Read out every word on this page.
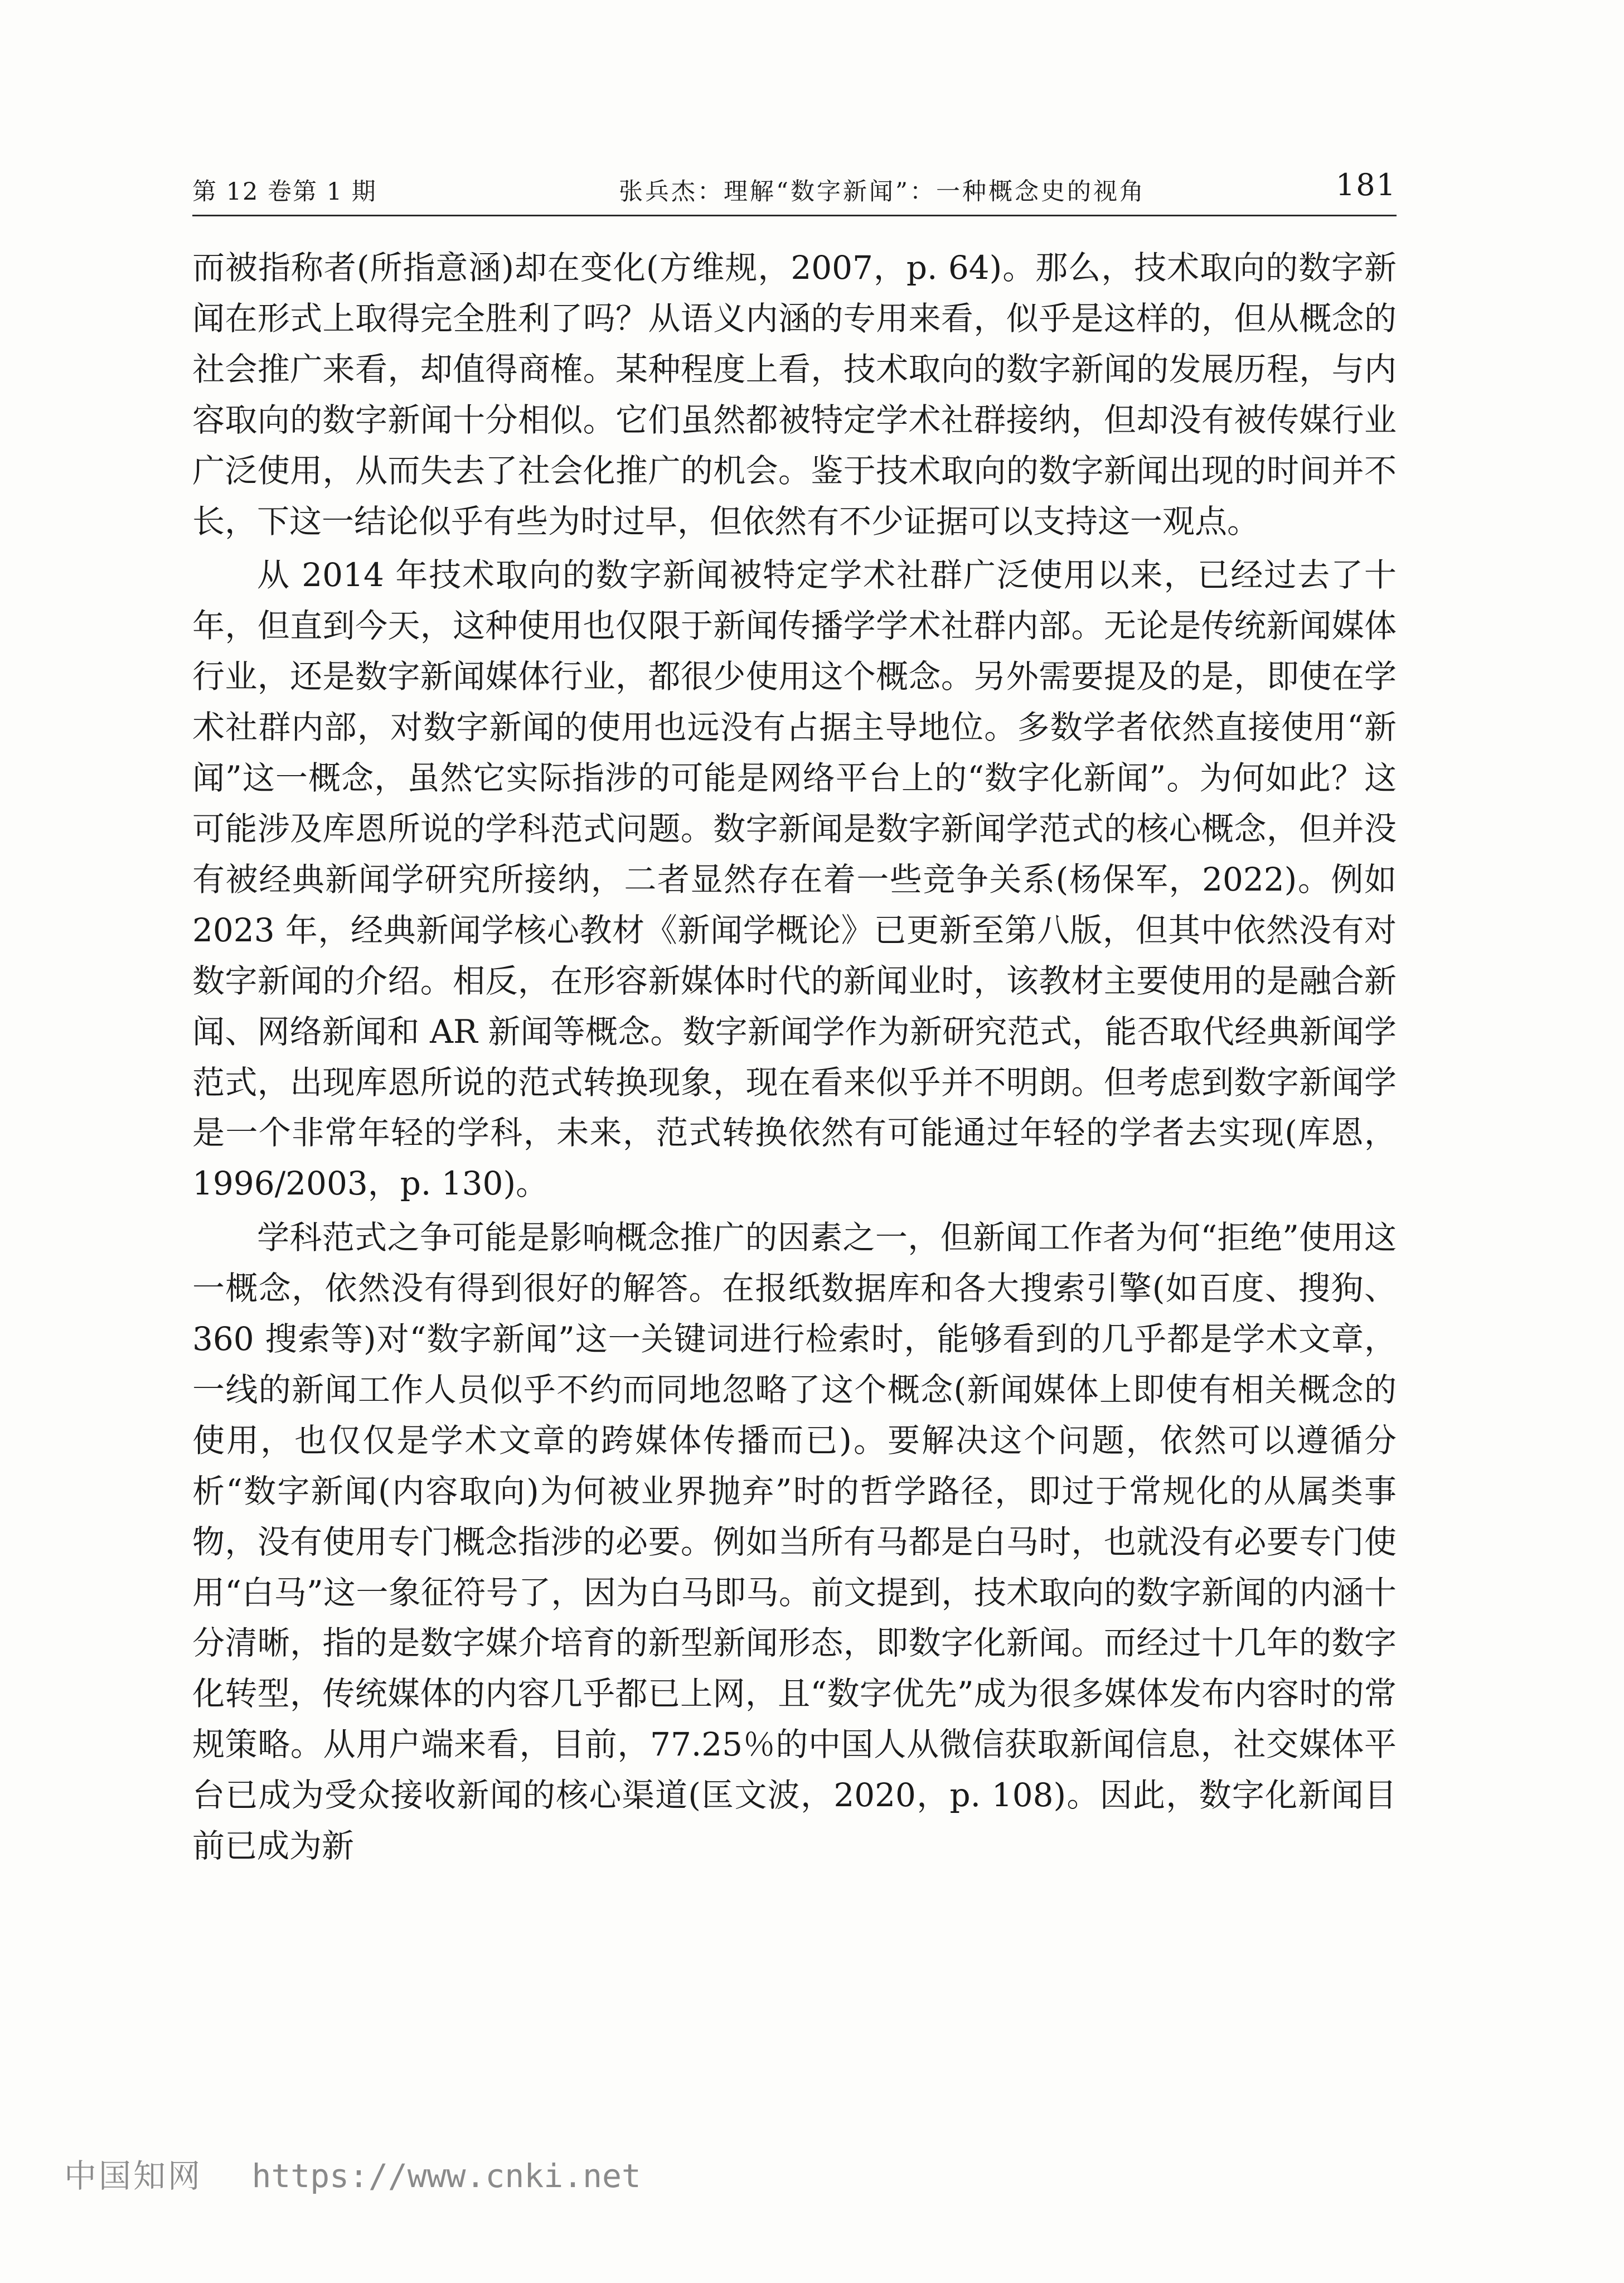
第 12 卷第 1 期	张兵杰：理解“数字新闻”：一种概念史的视角	181

而被指称者(所指意涵)却在变化(方维规，2007，p. 64)。那么，技术取向的数字新闻在形式上取得完全胜利了吗？从语义内涵的专用来看，似乎是这样的，但从概念的社会推广来看，却值得商榷。某种程度上看，技术取向的数字新闻的发展历程，与内容取向的数字新闻十分相似。它们虽然都被特定学术社群接纳，但却没有被传媒行业广泛使用，从而失去了社会化推广的机会。鉴于技术取向的数字新闻出现的时间并不长，下这一结论似乎有些为时过早，但依然有不少证据可以支持这一观点。

从 2014 年技术取向的数字新闻被特定学术社群广泛使用以来，已经过去了十年，但直到今天，这种使用也仅限于新闻传播学学术社群内部。无论是传统新闻媒体行业，还是数字新闻媒体行业，都很少使用这个概念。另外需要提及的是，即使在学术社群内部，对数字新闻的使用也远没有占据主导地位。多数学者依然直接使用“新闻”这一概念，虽然它实际指涉的可能是网络平台上的“数字化新闻”。为何如此？这可能涉及库恩所说的学科范式问题。数字新闻是数字新闻学范式的核心概念，但并没有被经典新闻学研究所接纳，二者显然存在着一些竞争关系(杨保军，2022)。例如 2023 年，经典新闻学核心教材《新闻学概论》已更新至第八版，但其中依然没有对数字新闻的介绍。相反，在形容新媒体时代的新闻业时，该教材主要使用的是融合新闻、网络新闻和 AR 新闻等概念。数字新闻学作为新研究范式，能否取代经典新闻学范式，出现库恩所说的范式转换现象，现在看来似乎并不明朗。但考虑到数字新闻学是一个非常年轻的学科，未来，范式转换依然有可能通过年轻的学者去实现(库恩，1996/2003，p. 130)。

学科范式之争可能是影响概念推广的因素之一，但新闻工作者为何“拒绝”使用这一概念，依然没有得到很好的解答。在报纸数据库和各大搜索引擎(如百度、搜狗、360 搜索等)对“数字新闻”这一关键词进行检索时，能够看到的几乎都是学术文章，一线的新闻工作人员似乎不约而同地忽略了这个概念(新闻媒体上即使有相关概念的使用，也仅仅是学术文章的跨媒体传播而已)。要解决这个问题，依然可以遵循分析“数字新闻(内容取向)为何被业界抛弃”时的哲学路径，即过于常规化的从属类事物，没有使用专门概念指涉的必要。例如当所有马都是白马时，也就没有必要专门使用“白马”这一象征符号了，因为白马即马。前文提到，技术取向的数字新闻的内涵十分清晰，指的是数字媒介培育的新型新闻形态，即数字化新闻。而经过十几年的数字化转型，传统媒体的内容几乎都已上网，且“数字优先”成为很多媒体发布内容时的常规策略。从用户端来看，目前，77.25％的中国人从微信获取新闻信息，社交媒体平台已成为受众接收新闻的核心渠道(匡文波，2020，p. 108)。因此，数字化新闻目前已成为新

中国知网 https://www.cnki.net
